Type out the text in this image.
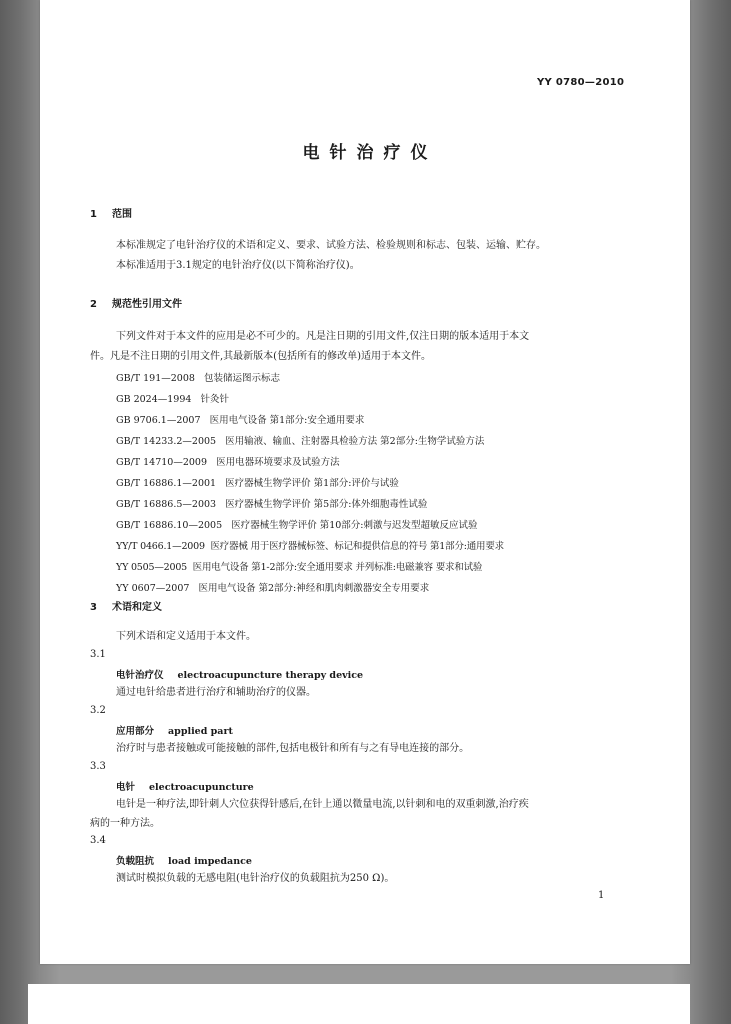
YY 0780—2010
电针治疗仪
1 范围
本标准规定了电针治疗仪的术语和定义、要求、试验方法、检验规则和标志、包装、运输、贮存。
本标准适用于3.1规定的电针治疗仪(以下简称治疗仪)。
2 规范性引用文件
下列文件对于本文件的应用是必不可少的。凡是注日期的引用文件,仅注日期的版本适用于本文
件。凡是不注日期的引用文件,其最新版本(包括所有的修改单)适用于本文件。
GB/T 191—2008 包装储运图示标志
GB 2024—1994 针灸针
GB 9706.1—2007 医用电气设备 第1部分:安全通用要求
GB/T 14233.2—2005 医用输液、输血、注射器具检验方法 第2部分:生物学试验方法
GB/T 14710—2009 医用电器环境要求及试验方法
GB/T 16886.1—2001 医疗器械生物学评价 第1部分:评价与试验
GB/T 16886.5—2003 医疗器械生物学评价 第5部分:体外细胞毒性试验
GB/T 16886.10—2005 医疗器械生物学评价 第10部分:刺激与迟发型超敏反应试验
YY/T 0466.1—2009 医疗器械 用于医疗器械标签、标记和提供信息的符号 第1部分:通用要求
YY 0505—2005 医用电气设备 第1-2部分:安全通用要求 并列标准:电磁兼容 要求和试验
YY 0607—2007 医用电气设备 第2部分:神经和肌肉刺激器安全专用要求
3 术语和定义
下列术语和定义适用于本文件。
3.1
电针治疗仪 electroacupuncture therapy device
通过电针给患者进行治疗和辅助治疗的仪器。
3.2
应用部分 applied part
治疗时与患者接触或可能接触的部件,包括电极针和所有与之有导电连接的部分。
3.3
电针 electroacupuncture
电针是一种疗法,即针刺人穴位获得针感后,在针上通以微量电流,以针刺和电的双重刺激,治疗疾
病的一种方法。
3.4
负载阻抗 load impedance
测试时模拟负载的无感电阻(电针治疗仪的负载阻抗为250 Ω)。
1
